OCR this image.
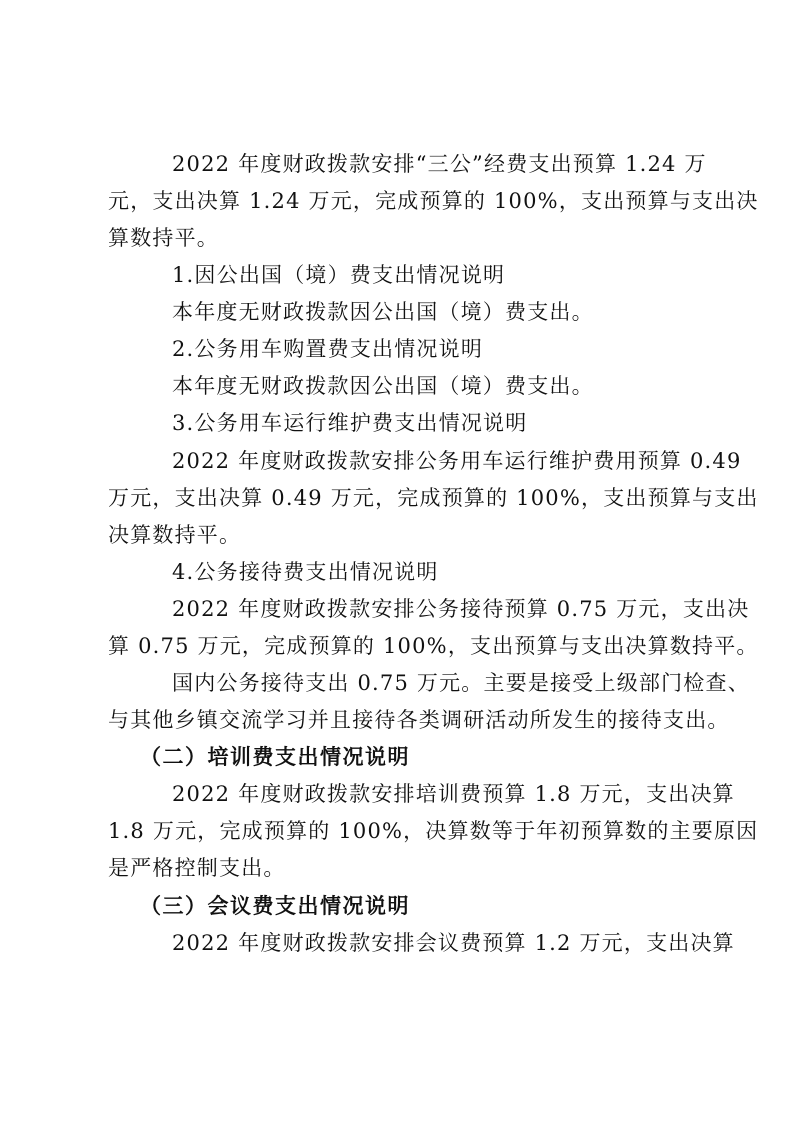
2022 年度财政拨款安排“三公”经费支出预算 1.24 万
元，支出决算 1.24 万元，完成预算的 100%，支出预算与支出决
算数持平。
1.因公出国（境）费支出情况说明
本年度无财政拨款因公出国（境）费支出。
2.公务用车购置费支出情况说明
本年度无财政拨款因公出国（境）费支出。
3.公务用车运行维护费支出情况说明
2022 年度财政拨款安排公务用车运行维护费用预算 0.49
万元，支出决算 0.49 万元，完成预算的 100%，支出预算与支出
决算数持平。
4.公务接待费支出情况说明
2022 年度财政拨款安排公务接待预算 0.75 万元，支出决
算 0.75 万元，完成预算的 100%，支出预算与支出决算数持平。
国内公务接待支出 0.75 万元。主要是接受上级部门检查、
与其他乡镇交流学习并且接待各类调研活动所发生的接待支出。
（二）培训费支出情况说明
2022 年度财政拨款安排培训费预算 1.8 万元，支出决算
1.8 万元，完成预算的 100%，决算数等于年初预算数的主要原因
是严格控制支出。
（三）会议费支出情况说明
2022 年度财政拨款安排会议费预算 1.2 万元，支出决算
